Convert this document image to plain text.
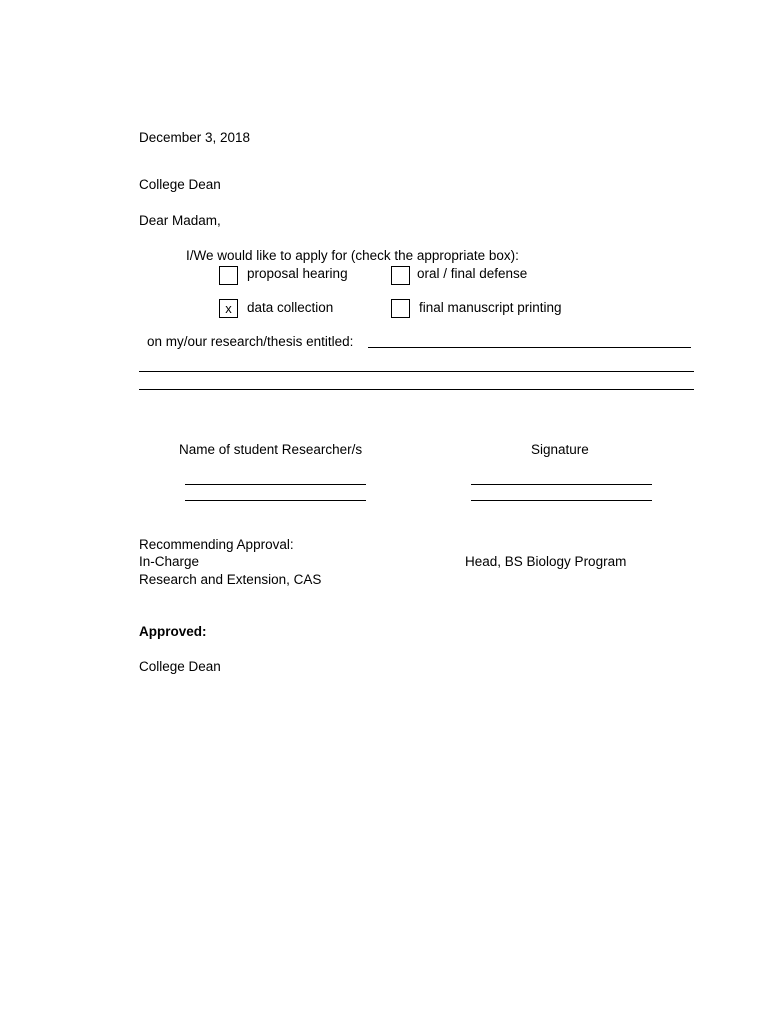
December 3, 2018
College Dean
Dear Madam,
I/We would like to apply for (check the appropriate box):
proposal hearing	oral / final defense
x	data collection	final manuscript printing
on my/our research/thesis entitled:
Name of student Researcher/s	Signature
Recommending Approval:
In-Charge
Research and Extension, CAS
Head, BS Biology Program
Approved:
College Dean
